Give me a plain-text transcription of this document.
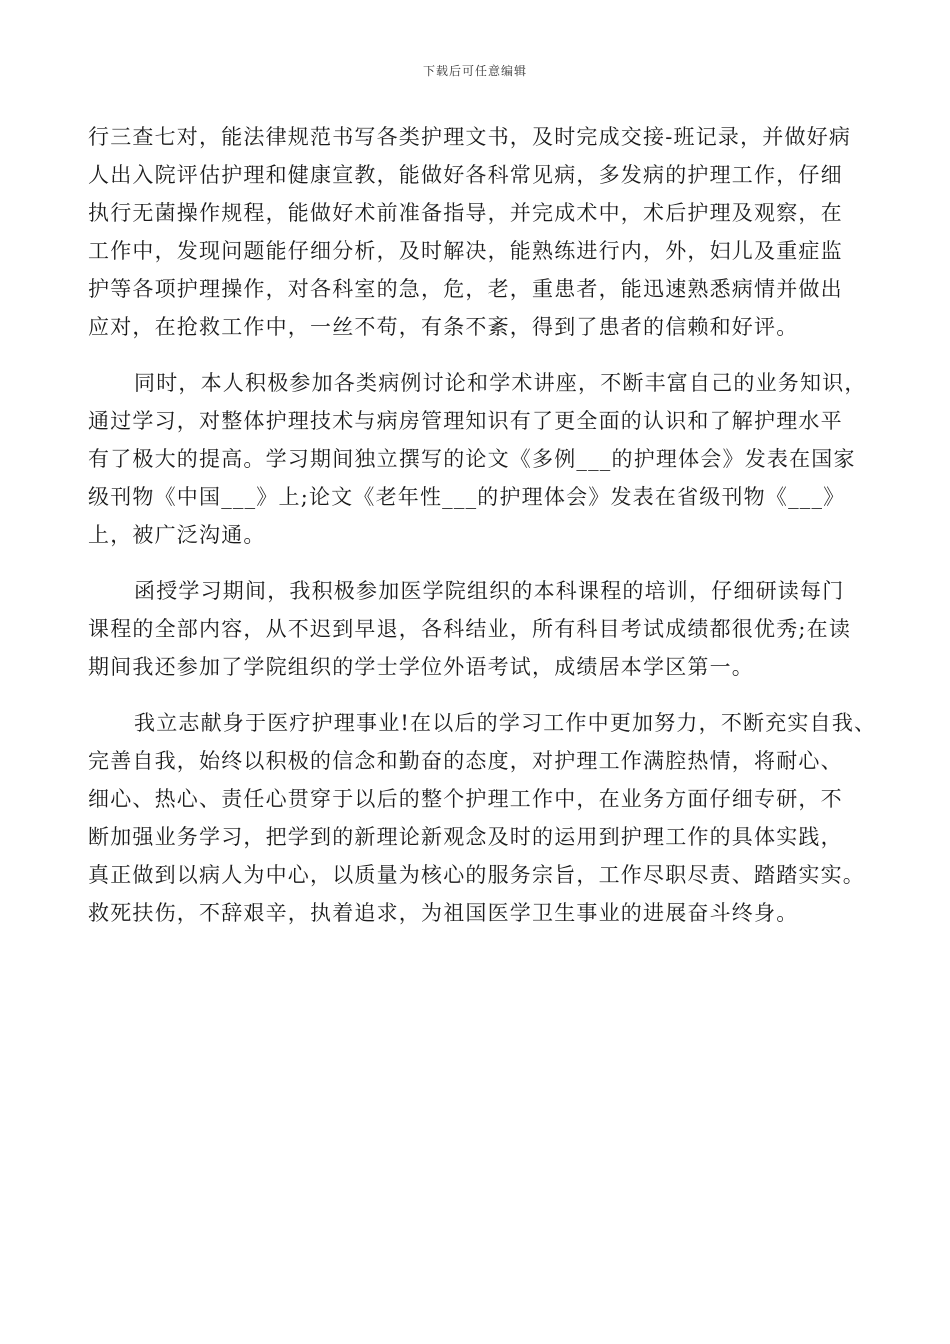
下载后可任意编辑
行三查七对，能法律规范书写各类护理文书，及时完成交接-班记录，并做好病
人出入院评估护理和健康宣教，能做好各科常见病，多发病的护理工作，仔细
执行无菌操作规程，能做好术前准备指导，并完成术中，术后护理及观察，在
工作中，发现问题能仔细分析，及时解决，能熟练进行内，外，妇儿及重症监
护等各项护理操作，对各科室的急，危，老，重患者，能迅速熟悉病情并做出
应对，在抢救工作中，一丝不苟，有条不紊，得到了患者的信赖和好评。
同时，本人积极参加各类病例讨论和学术讲座，不断丰富自己的业务知识，
通过学习，对整体护理技术与病房管理知识有了更全面的认识和了解护理水平
有了极大的提高。学习期间独立撰写的论文《多例___的护理体会》发表在国家
级刊物《中国___》上;论文《老年性___的护理体会》发表在省级刊物《___》
上，被广泛沟通。
函授学习期间，我积极参加医学院组织的本科课程的培训，仔细研读每门
课程的全部内容，从不迟到早退，各科结业，所有科目考试成绩都很优秀;在读
期间我还参加了学院组织的学士学位外语考试，成绩居本学区第一。
我立志献身于医疗护理事业!在以后的学习工作中更加努力，不断充实自我、
完善自我，始终以积极的信念和勤奋的态度，对护理工作满腔热情，将耐心、
细心、热心、责任心贯穿于以后的整个护理工作中，在业务方面仔细专研，不
断加强业务学习，把学到的新理论新观念及时的运用到护理工作的具体实践，
真正做到以病人为中心，以质量为核心的服务宗旨，工作尽职尽责、踏踏实实。
救死扶伤，不辞艰辛，执着追求，为祖国医学卫生事业的进展奋斗终身。
